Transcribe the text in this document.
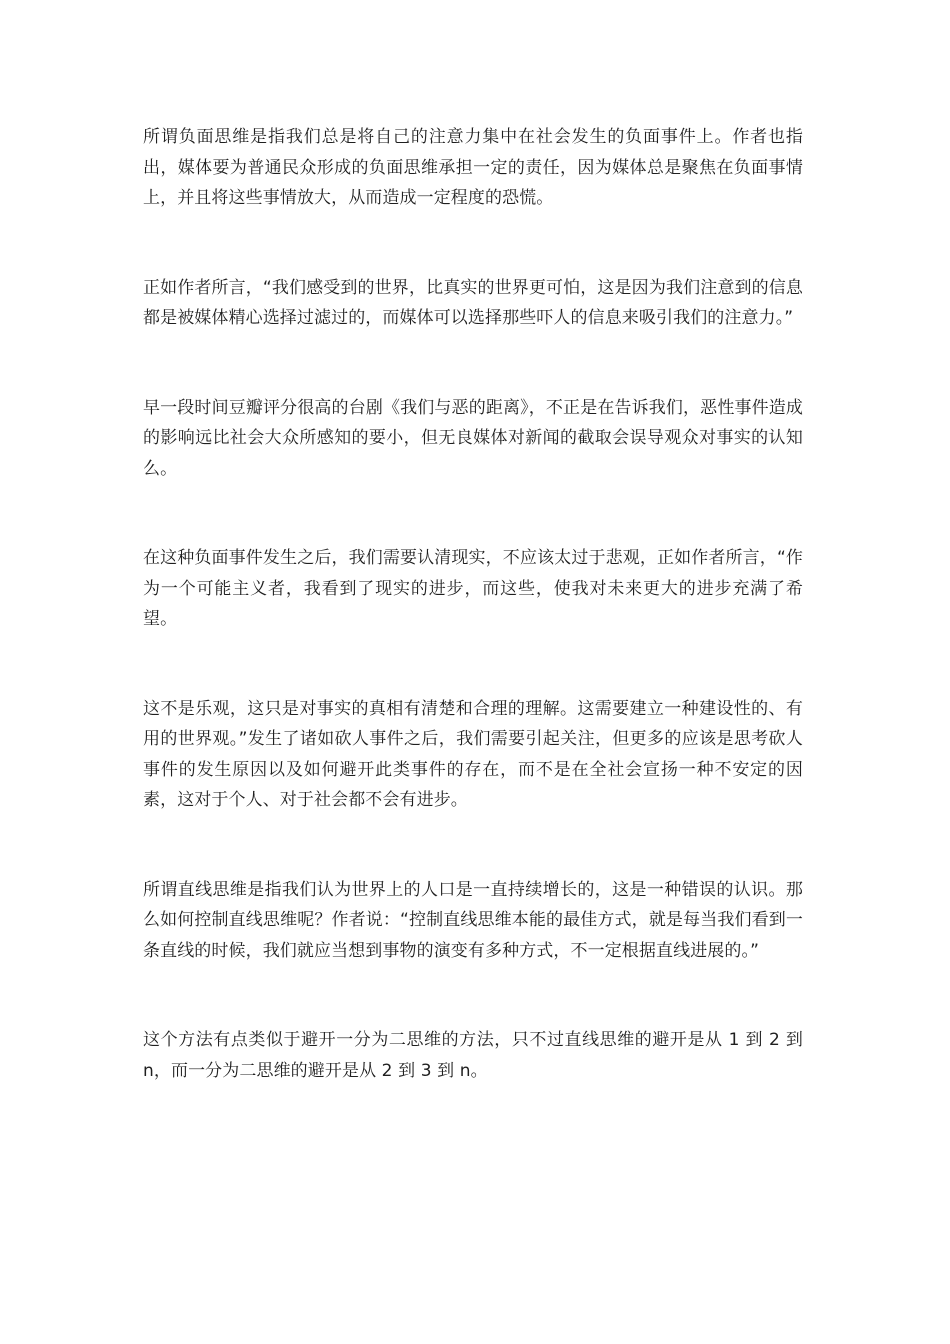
所谓负面思维是指我们总是将自己的注意力集中在社会发生的负面事件上。作者也指出，媒体要为普通民众形成的负面思维承担一定的责任，因为媒体总是聚焦在负面事情上，并且将这些事情放大，从而造成一定程度的恐慌。

正如作者所言，“我们感受到的世界，比真实的世界更可怕，这是因为我们注意到的信息都是被媒体精心选择过滤过的，而媒体可以选择那些吓人的信息来吸引我们的注意力。”

早一段时间豆瓣评分很高的台剧《我们与恶的距离》，不正是在告诉我们，恶性事件造成的影响远比社会大众所感知的要小，但无良媒体对新闻的截取会误导观众对事实的认知么。

在这种负面事件发生之后，我们需要认清现实，不应该太过于悲观，正如作者所言，“作为一个可能主义者，我看到了现实的进步，而这些，使我对未来更大的进步充满了希望。

这不是乐观，这只是对事实的真相有清楚和合理的理解。这需要建立一种建设性的、有用的世界观。”发生了诸如砍人事件之后，我们需要引起关注，但更多的应该是思考砍人事件的发生原因以及如何避开此类事件的存在，而不是在全社会宣扬一种不安定的因素，这对于个人、对于社会都不会有进步。

所谓直线思维是指我们认为世界上的人口是一直持续增长的，这是一种错误的认识。那么如何控制直线思维呢？作者说：“控制直线思维本能的最佳方式，就是每当我们看到一条直线的时候，我们就应当想到事物的演变有多种方式，不一定根据直线进展的。”

这个方法有点类似于避开一分为二思维的方法，只不过直线思维的避开是从 1 到 2 到 n，而一分为二思维的避开是从 2 到 3 到 n。
